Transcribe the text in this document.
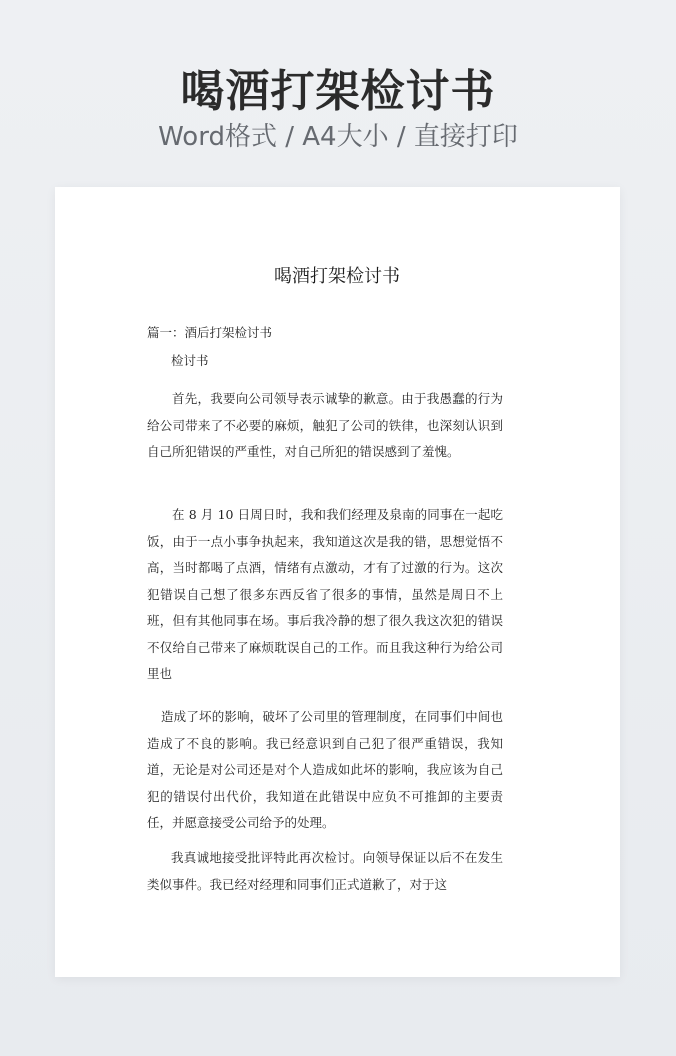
喝酒打架检讨书
Word格式 / A4大小 / 直接打印
喝酒打架检讨书
篇一：酒后打架检讨书
检讨书

首先，我要向公司领导表示诚挚的歉意。由于我愚蠢的行为给公司带来了不必要的麻烦，触犯了公司的铁律，也深刻认识到自己所犯错误的严重性，对自己所犯的错误感到了羞愧。

在 8 月 10 日周日时，我和我们经理及泉南的同事在一起吃饭，由于一点小事争执起来，我知道这次是我的错，思想觉悟不高，当时都喝了点酒，情绪有点激动，才有了过激的行为。这次犯错误自己想了很多东西反省了很多的事情，虽然是周日不上班，但有其他同事在场。事后我冷静的想了很久我这次犯的错误不仅给自己带来了麻烦耽误自己的工作。而且我这种行为给公司里也

造成了坏的影响，破坏了公司里的管理制度，在同事们中间也造成了不良的影响。我已经意识到自己犯了很严重错误，我知道，无论是对公司还是对个人造成如此坏的影响，我应该为自己犯的错误付出代价，我知道在此错误中应负不可推卸的主要责任，并愿意接受公司给予的处理。

我真诚地接受批评特此再次检讨。向领导保证以后不在发生类似事件。我已经对经理和同事们正式道歉了，对于这
